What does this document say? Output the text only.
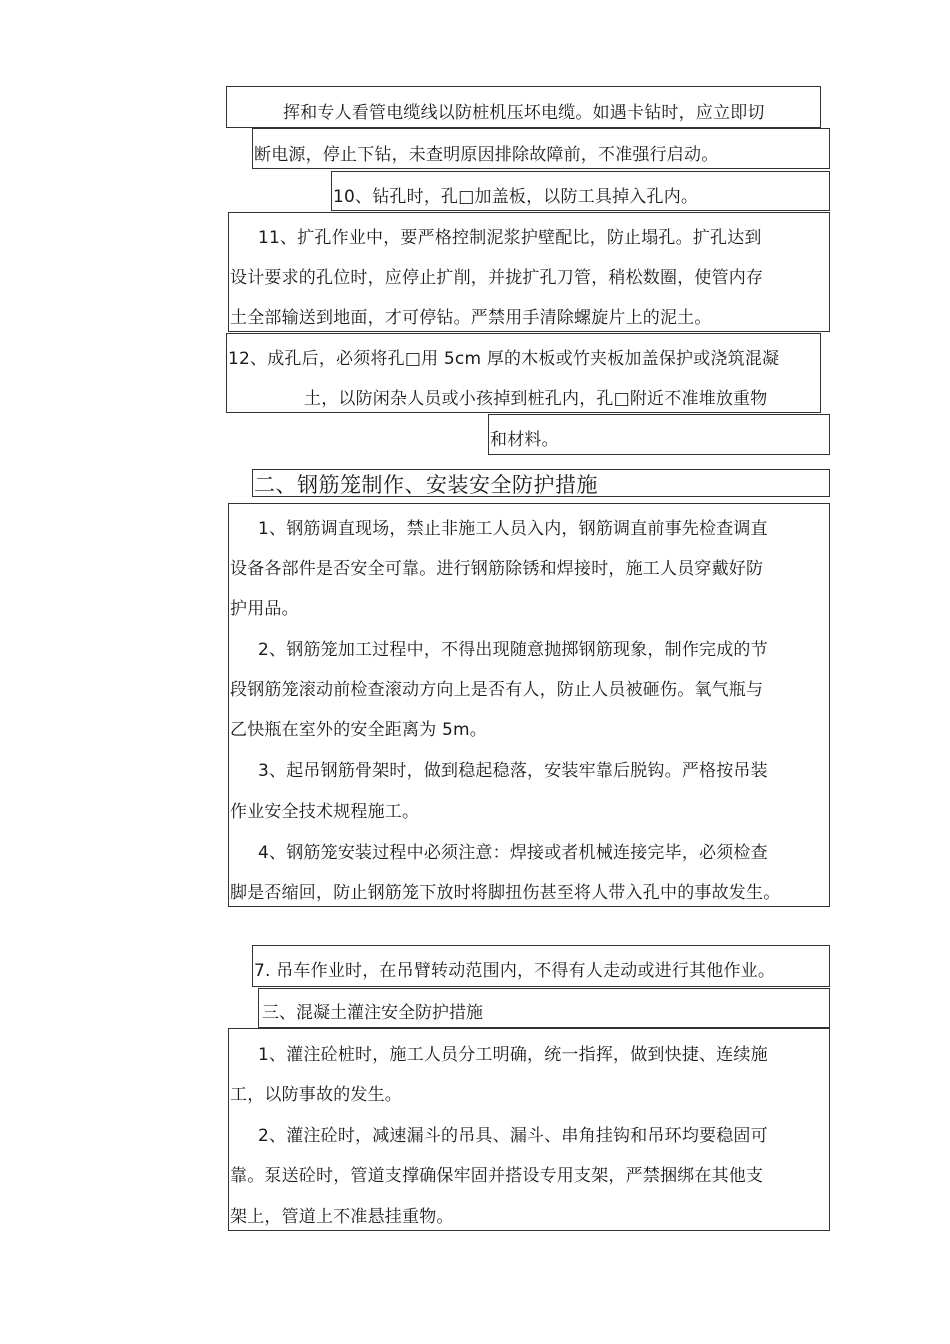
挥和专人看管电缆线以防桩机压坏电缆。如遇卡钻时，应立即切
断电源，停止下钻，未查明原因排除故障前，不准强行启动。
10、钻孔时，孔□加盖板，以防工具掉入孔内。
11、扩孔作业中，要严格控制泥浆护壁配比，防止塌孔。扩孔达到
设计要求的孔位时，应停止扩削，并拢扩孔刀管，稍松数圈，使管内存
土全部输送到地面，才可停钻。严禁用手清除螺旋片上的泥土。
12、成孔后，必须将孔□用 5cm 厚的木板或竹夹板加盖保护或浇筑混凝
土，以防闲杂人员或小孩掉到桩孔内，孔□附近不准堆放重物
和材料。
二、钢筋笼制作、安装安全防护措施
1、钢筋调直现场，禁止非施工人员入内，钢筋调直前事先检查调直
设备各部件是否安全可靠。进行钢筋除锈和焊接时，施工人员穿戴好防
护用品。
2、钢筋笼加工过程中，不得出现随意抛掷钢筋现象，制作完成的节
段钢筋笼滚动前检查滚动方向上是否有人，防止人员被砸伤。氧气瓶与
乙快瓶在室外的安全距离为 5m。
3、起吊钢筋骨架时，做到稳起稳落，安装牢靠后脱钩。严格按吊装
作业安全技术规程施工。
4、钢筋笼安装过程中必须注意：焊接或者机械连接完毕，必须检查
脚是否缩回，防止钢筋笼下放时将脚扭伤甚至将人带入孔中的事故发生。
7. 吊车作业时，在吊臂转动范围内，不得有人走动或进行其他作业。
三、混凝土灌注安全防护措施
1、灌注砼桩时，施工人员分工明确，统一指挥，做到快捷、连续施
工，以防事故的发生。
2、灌注砼时，减速漏斗的吊具、漏斗、串角挂钩和吊环均要稳固可
靠。泵送砼时，管道支撑确保牢固并搭设专用支架，严禁捆绑在其他支
架上，管道上不准悬挂重物。
